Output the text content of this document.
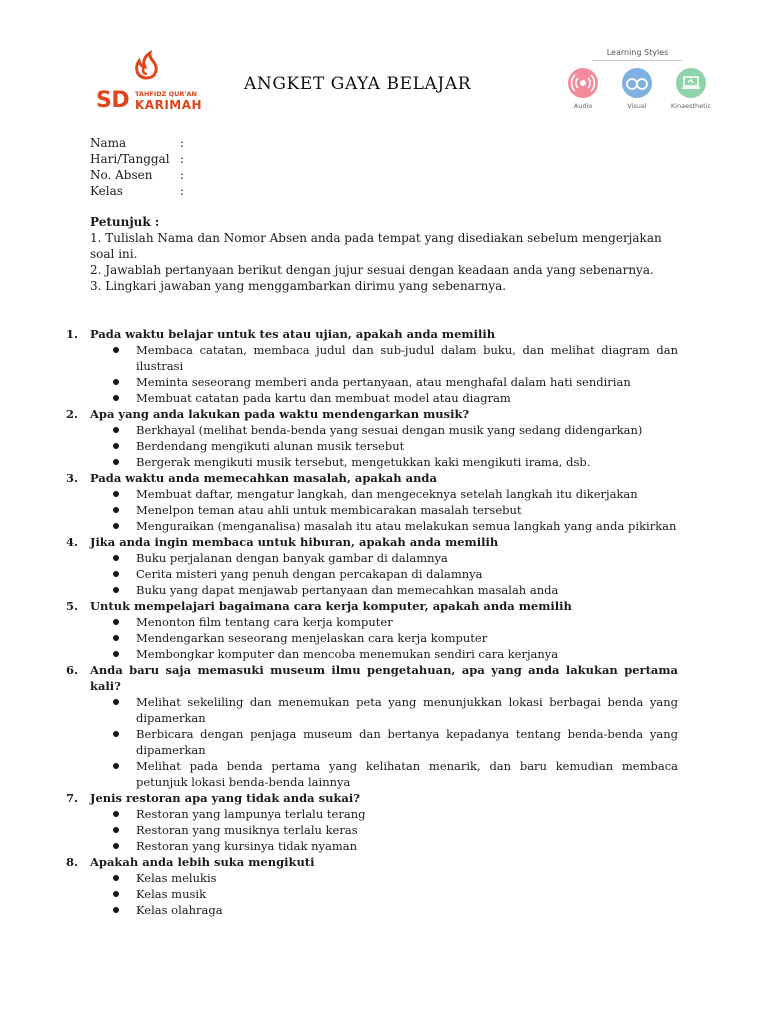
SD TAHFIDZ QUR'AN
KARIMAH
ANGKET GAYA BELAJAR
Learning Styles
Audio	Visual	Kinaesthetic
Nama	:
Hari/Tanggal :
No. Absen :
Kelas	:

Petunjuk :

1. Tulislah Nama dan Nomor Absen anda pada tempat yang disediakan sebelum mengerjakan soal ini.

2. Jawablah pertanyaan berikut dengan jujur sesuai dengan keadaan anda yang sebenarnya.

3. Lingkari jawaban yang menggambarkan dirimu yang sebenarnya.

1. Pada waktu belajar untuk tes atau ujian, apakah anda memilih
Membaca catatan, membaca judul dan sub-judul dalam buku, dan melihat diagram dan ilustrasi
Meminta seseorang memberi anda pertanyaan, atau menghafal dalam hati sendirian
Membuat catatan pada kartu dan membuat model atau diagram
2. Apa yang anda lakukan pada waktu mendengarkan musik?
Berkhayal (melihat benda-benda yang sesuai dengan musik yang sedang didengarkan)
Berdendang mengikuti alunan musik tersebut
Bergerak mengikuti musik tersebut, mengetukkan kaki mengikuti irama, dsb.
3. Pada waktu anda memecahkan masalah, apakah anda
Membuat daftar, mengatur langkah, dan mengeceknya setelah langkah itu dikerjakan
Menelpon teman atau ahli untuk membicarakan masalah tersebut
Menguraikan (menganalisa) masalah itu atau melakukan semua langkah yang anda pikirkan
4. Jika anda ingin membaca untuk hiburan, apakah anda memilih
Buku perjalanan dengan banyak gambar di dalamnya
Cerita misteri yang penuh dengan percakapan di dalamnya
Buku yang dapat menjawab pertanyaan dan memecahkan masalah anda
5. Untuk mempelajari bagaimana cara kerja komputer, apakah anda memilih
Menonton film tentang cara kerja komputer
Mendengarkan seseorang menjelaskan cara kerja komputer
Membongkar komputer dan mencoba menemukan sendiri cara kerjanya
6. Anda baru saja memasuki museum ilmu pengetahuan, apa yang anda lakukan pertama kali?
Melihat sekeliling dan menemukan peta yang menunjukkan lokasi berbagai benda yang dipamerkan
Berbicara dengan penjaga museum dan bertanya kepadanya tentang benda-benda yang dipamerkan
Melihat pada benda pertama yang kelihatan menarik, dan baru kemudian membaca petunjuk lokasi benda-benda lainnya
7. Jenis restoran apa yang tidak anda sukai?
Restoran yang lampunya terlalu terang
Restoran yang musiknya terlalu keras
Restoran yang kursinya tidak nyaman
8. Apakah anda lebih suka mengikuti
Kelas melukis
Kelas musik
Kelas olahraga
